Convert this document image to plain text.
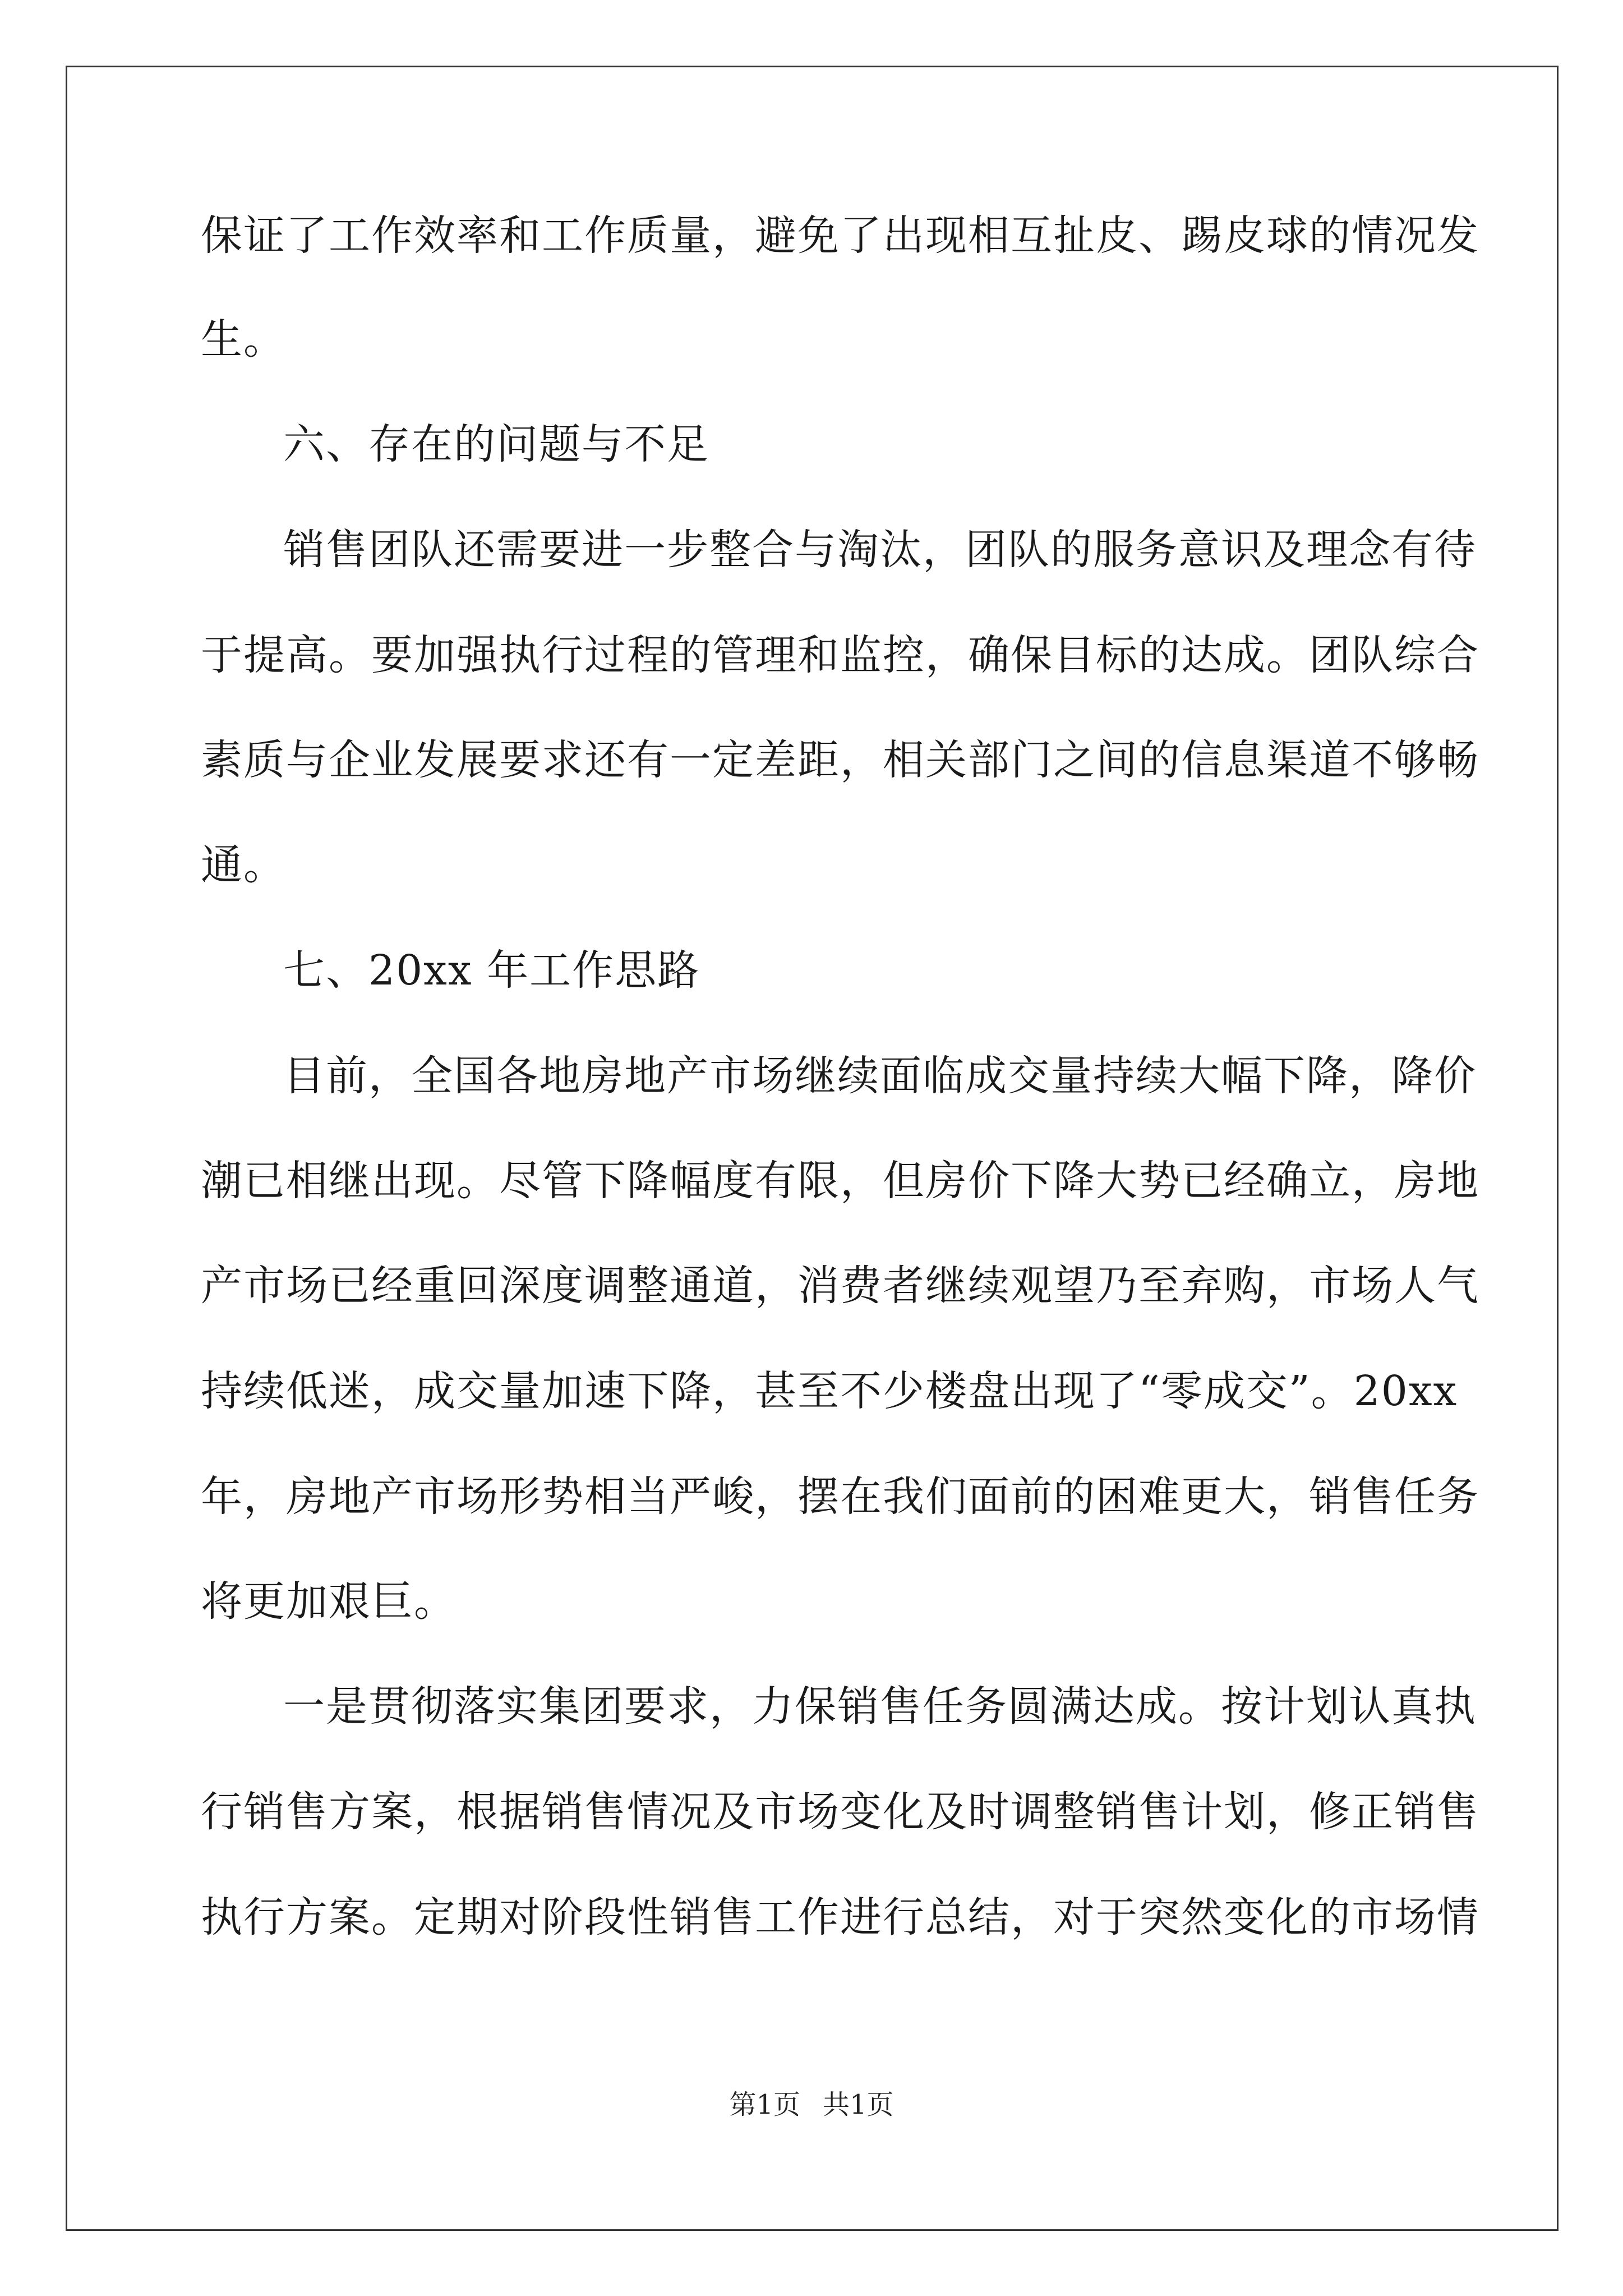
保证了工作效率和工作质量，避免了出现相互扯皮、踢皮球的情况发
生。
六、存在的问题与不足
销售团队还需要进一步整合与淘汰，团队的服务意识及理念有待
于提高。要加强执行过程的管理和监控，确保目标的达成。团队综合
素质与企业发展要求还有一定差距，相关部门之间的信息渠道不够畅
通。
七、20xx 年工作思路
目前，全国各地房地产市场继续面临成交量持续大幅下降，降价
潮已相继出现。尽管下降幅度有限，但房价下降大势已经确立，房地
产市场已经重回深度调整通道，消费者继续观望乃至弃购，市场人气
持续低迷，成交量加速下降，甚至不少楼盘出现了“零成交”。20xx
年，房地产市场形势相当严峻，摆在我们面前的困难更大，销售任务
将更加艰巨。
一是贯彻落实集团要求，力保销售任务圆满达成。按计划认真执
行销售方案，根据销售情况及市场变化及时调整销售计划，修正销售
执行方案。定期对阶段性销售工作进行总结，对于突然变化的市场情
第1页 共1页
